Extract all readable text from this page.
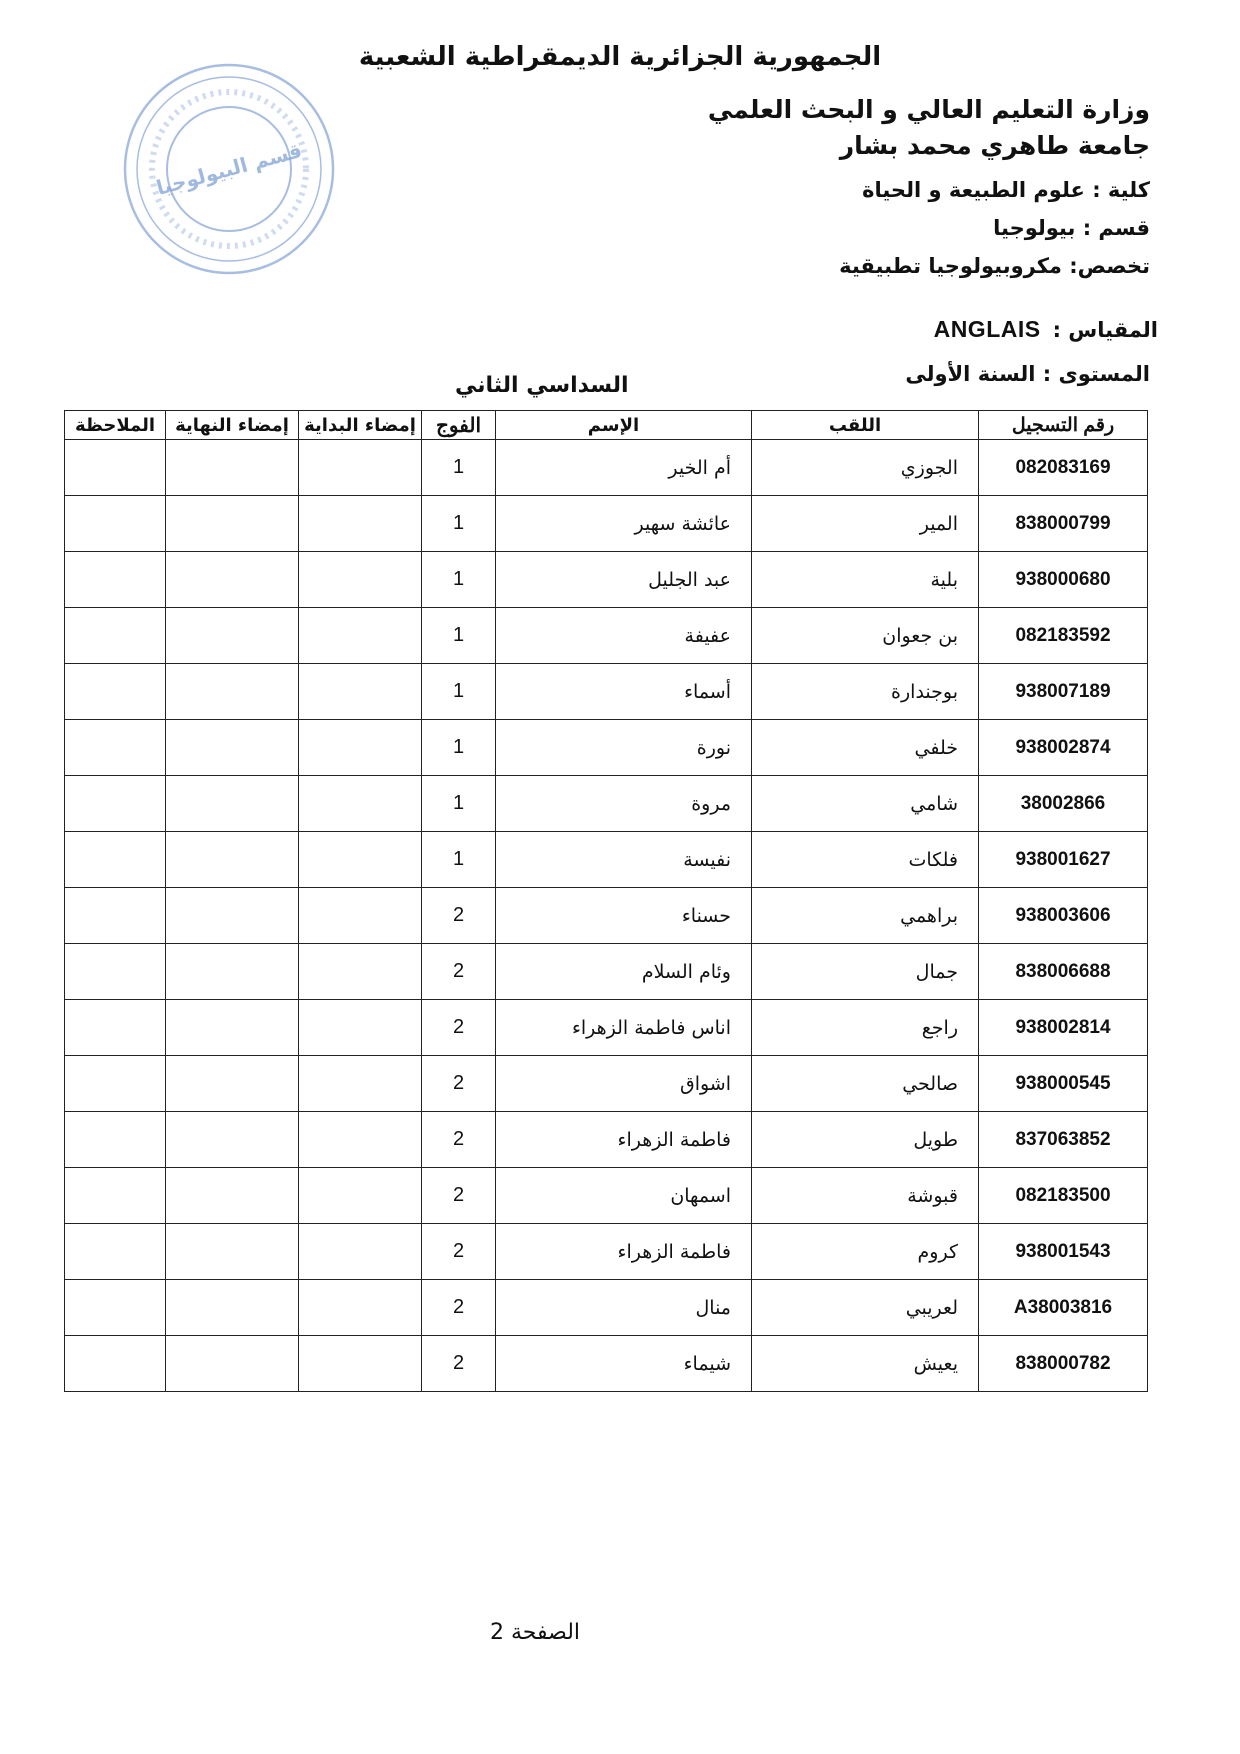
الجمهورية الجزائرية الديمقراطية الشعبية
وزارة التعليم العالي و البحث العلمي
جامعة طاهري محمد بشار
كلية : علوم الطبيعة و الحياة
قسم : بيولوجيا
تخصص: مكروبيولوجيا تطبيقية
المقياس :ANGLAIS
المستوى : السنة الأولى
السداسي الثاني
قسم البيولوجيا
رقم التسجيل	اللقب	الإسم	الفوج	إمضاء البداية	إمضاء النهاية	الملاحظة
082083169	الجوزي	أم الخير	1			
838000799	المير	عائشة سهير	1			
938000680	بلية	عبد الجليل	1			
082183592	بن جعوان	عفيفة	1			
938007189	بوجندارة	أسماء	1			
938002874	خلفي	نورة	1			
38002866	شامي	مروة	1			
938001627	فلكات	نفيسة	1			
938003606	براهمي	حسناء	2			
838006688	جمال	وئام السلام	2			
938002814	راجع	اناس فاطمة الزهراء	2			
938000545	صالحي	اشواق	2			
837063852	طويل	فاطمة الزهراء	2			
082183500	قبوشة	اسمهان	2			
938001543	كروم	فاطمة الزهراء	2			
A38003816	لعريبي	منال	2			
838000782	يعيش	شيماء	2			
الصفحة 2
